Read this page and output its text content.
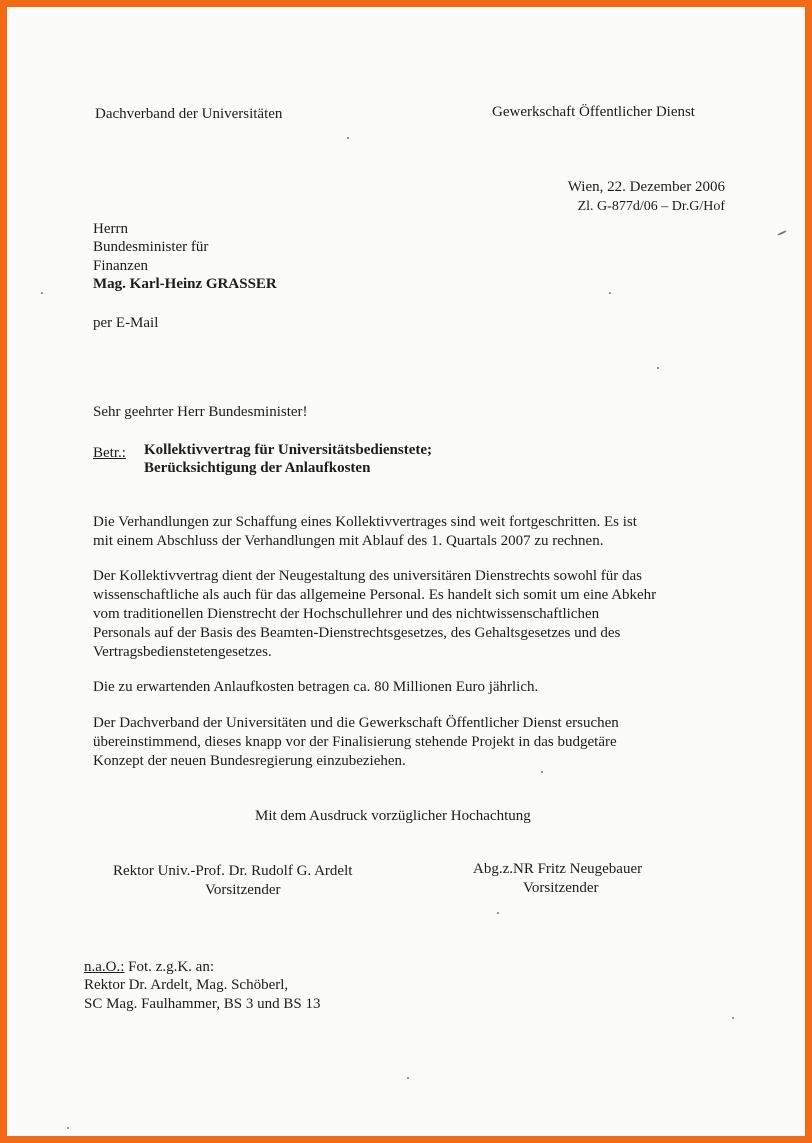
Dachverband der Universitäten	Gewerkschaft Öffentlicher Dienst

Wien, 22. Dezember 2006

Zl. G-877d/06 – Dr.G/Hof

Herrn

Bundesminister für

Finanzen

Mag. Karl-Heinz GRASSER

per E-Mail

Sehr geehrter Herr Bundesminister!

Betr.: Kollektivvertrag für Universitätsbedienstete;

Berücksichtigung der Anlaufkosten

Die Verhandlungen zur Schaffung eines Kollektivvertrages sind weit fortgeschritten. Es ist
mit einem Abschluss der Verhandlungen mit Ablauf des 1. Quartals 2007 zu rechnen.
Der Kollektivvertrag dient der Neugestaltung des universitären Dienstrechts sowohl für das
wissenschaftliche als auch für das allgemeine Personal. Es handelt sich somit um eine Abkehr
vom traditionellen Dienstrecht der Hochschullehrer und des nichtwissenschaftlichen
Personals auf der Basis des Beamten-Dienstrechtsgesetzes, des Gehaltsgesetzes und des
Vertragsbedienstetengesetzes.
Die zu erwartenden Anlaufkosten betragen ca. 80 Millionen Euro jährlich.
Der Dachverband der Universitäten und die Gewerkschaft Öffentlicher Dienst ersuchen
übereinstimmend, dieses knapp vor der Finalisierung stehende Projekt in das budgetäre
Konzept der neuen Bundesregierung einzubeziehen.

Mit dem Ausdruck vorzüglicher Hochachtung

Rektor Univ.-Prof. Dr. Rudolf G. Ardelt

Vorsitzender

Abg.z.NR Fritz Neugebauer

Vorsitzender

n.a.O.: Fot. z.g.K. an:

Rektor Dr. Ardelt, Mag. Schöberl,

SC Mag. Faulhammer, BS 3 und BS 13
